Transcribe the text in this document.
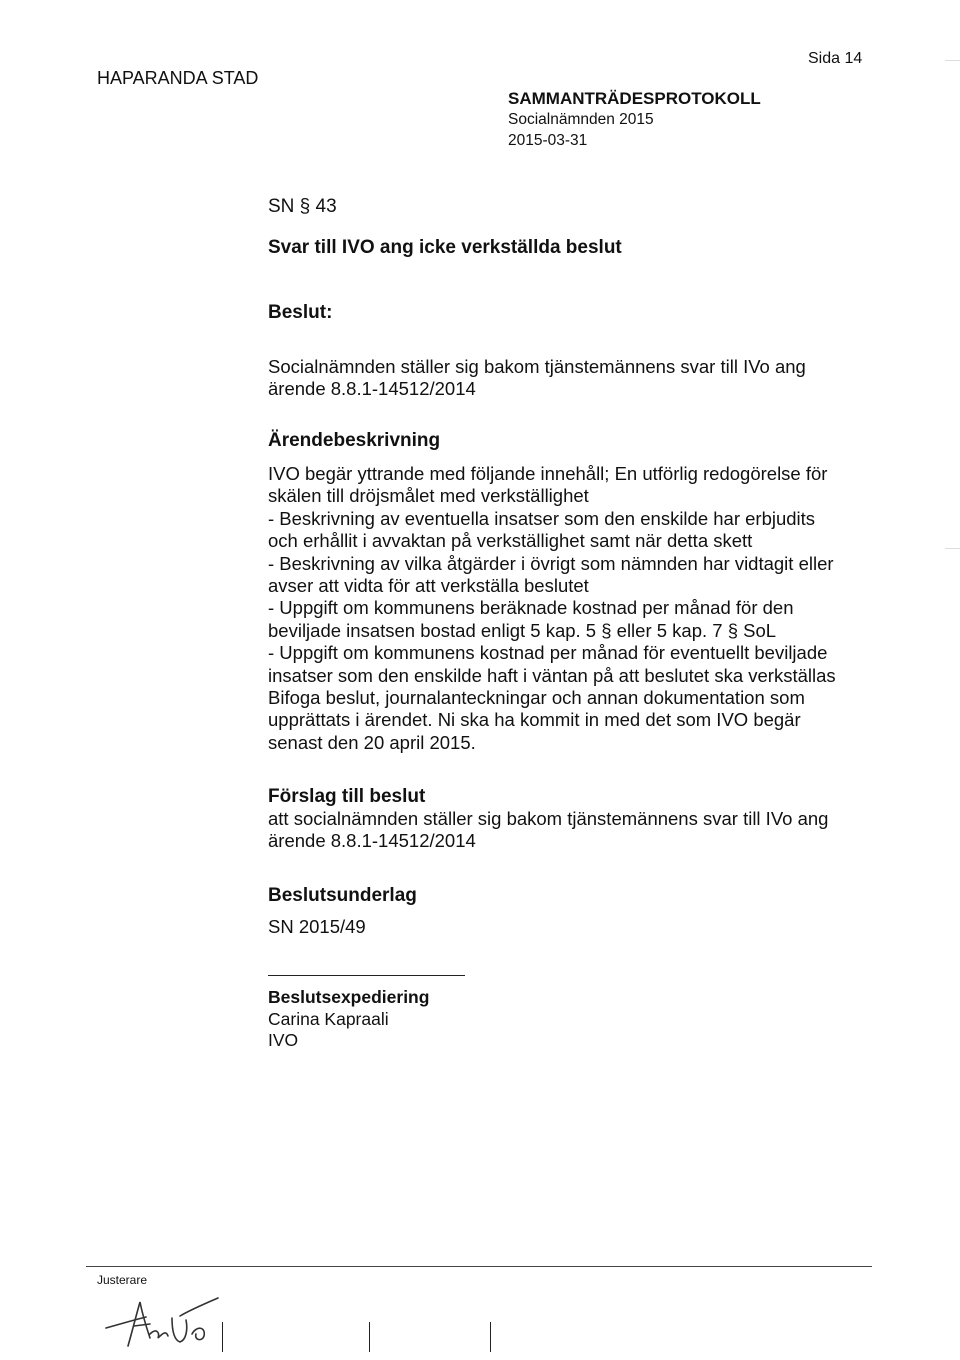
HAPARANDA STAD
Sida 14
SAMMANTRÄDESPROTOKOLL
Socialnämnden 2015
2015-03-31
SN § 43
Svar till IVO ang icke verkställda beslut
Beslut:

Socialnämnden ställer sig bakom tjänstemännens svar till IVo ang
ärende 8.8.1-14512/2014

Ärendebeskrivning

IVO begär yttrande med följande innehåll; En utförlig redogörelse för
skälen till dröjsmålet med verkställighet
- Beskrivning av eventuella insatser som den enskilde har erbjudits
och erhållit i avvaktan på verkställighet samt när detta skett
- Beskrivning av vilka åtgärder i övrigt som nämnden har vidtagit eller
avser att vidta för att verkställa beslutet
- Uppgift om kommunens beräknade kostnad per månad för den
beviljade insatsen bostad enligt 5 kap. 5 § eller 5 kap. 7 § SoL
- Uppgift om kommunens kostnad per månad för eventuellt beviljade
insatser som den enskilde haft i väntan på att beslutet ska verkställas
Bifoga beslut, journalanteckningar och annan dokumentation som
upprättats i ärendet. Ni ska ha kommit in med det som IVO begär
senast den 20 april 2015.

Förslag till beslut

att socialnämnden ställer sig bakom tjänstemännens svar till IVo ang
ärende 8.8.1-14512/2014

Beslutsunderlag
SN 2015/49
Beslutsexpediering
Carina Kapraali
IVO
Justerare
